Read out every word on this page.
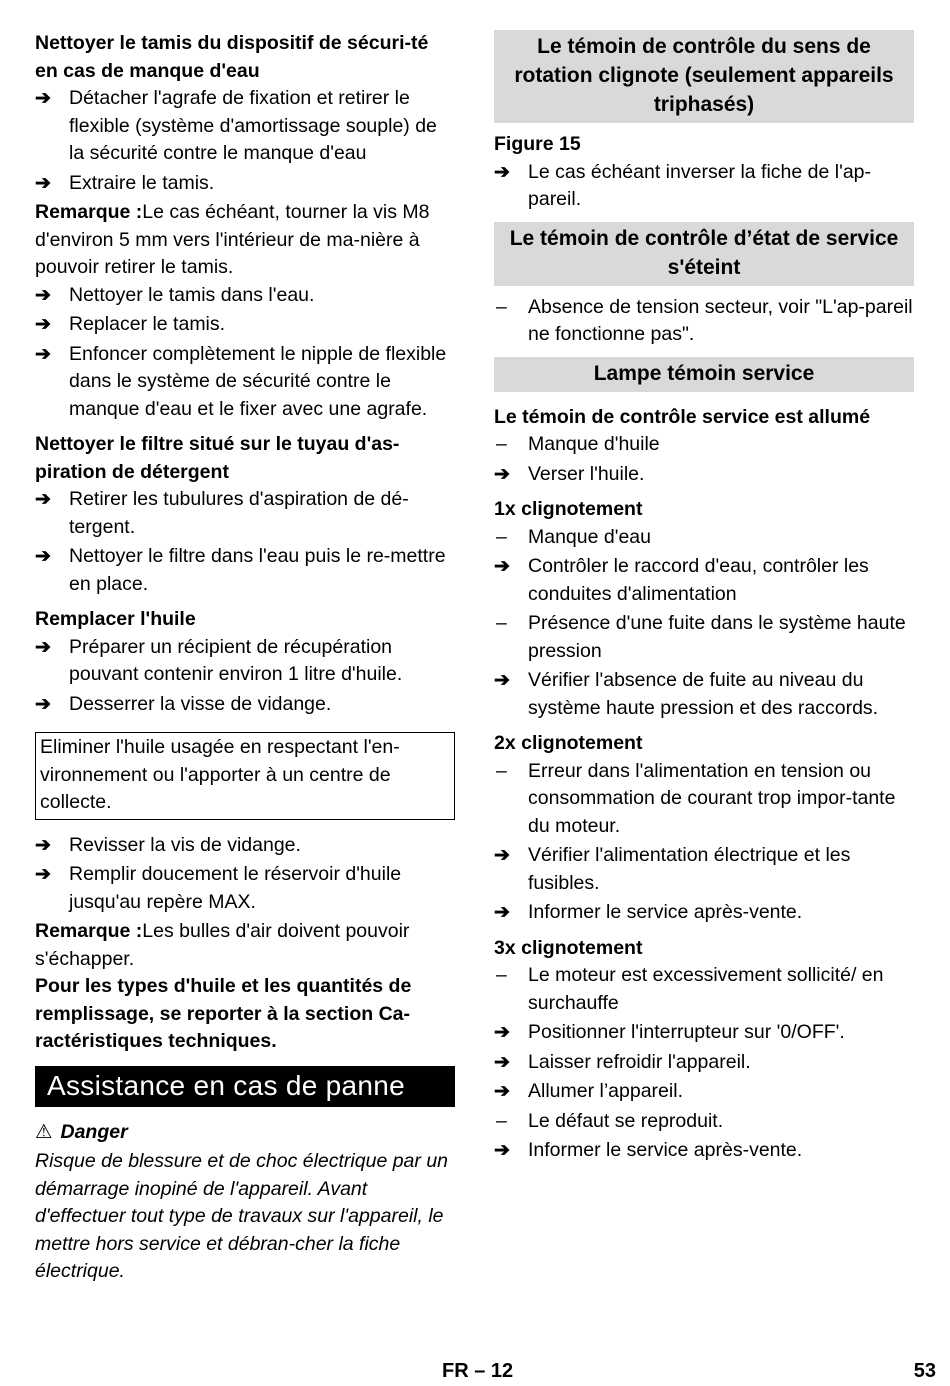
Nettoyer le tamis du dispositif de sécuri-té en cas de manque d'eau

➔ Détacher l'agrafe de fixation et retirer le flexible (système d'amortissage souple) de la sécurité contre le manque d'eau
➔ Extraire le tamis.

Remarque :Le cas échéant, tourner la vis M8 d'environ 5 mm vers l'intérieur de ma-nière à pouvoir retirer le tamis.

➔ Nettoyer le tamis dans l'eau.
➔ Replacer le tamis.
➔ Enfoncer complètement le nipple de flexible dans le système de sécurité contre le manque d'eau et le fixer avec une agrafe.

Nettoyer le filtre situé sur le tuyau d'as-piration de détergent

➔ Retirer les tubulures d'aspiration de dé-tergent.
➔ Nettoyer le filtre dans l'eau puis le re-mettre en place.

Remplacer l'huile

➔ Préparer un récipient de récupération pouvant contenir environ 1 litre d'huile.
➔ Desserrer la visse de vidange.
Eliminer l'huile usagée en respectant l'en-vironnement ou l'apporter à un centre de collecte.
➔ Revisser la vis de vidange.
➔ Remplir doucement le réservoir d'huile jusqu'au repère MAX.

Remarque :Les bulles d'air doivent pouvoir s'échapper.

Pour les types d'huile et les quantités de remplissage, se reporter à la section Ca-ractéristiques techniques.

Assistance en cas de panne

⚠ Danger

Risque de blessure et de choc électrique par un démarrage inopiné de l'appareil. Avant d'effectuer tout type de travaux sur l'appareil, le mettre hors service et débran-cher la fiche électrique.

Le témoin de contrôle du sens de rotation clignote (seulement appareils triphasés)

Figure 15

➔ Le cas échéant inverser la fiche de l'ap-pareil.
Le témoin de contrôle d’état de service s'éteint
–	Absence de tension secteur, voir "L'ap-pareil ne fonctionne pas".
Lampe témoin service

Le témoin de contrôle service est allumé

–	Manque d'huile
➔ Verser l'huile.

1x clignotement

–	Manque d'eau
➔ Contrôler le raccord d'eau, contrôler les conduites d'alimentation
–	Présence d'une fuite dans le système haute pression
➔ Vérifier l'absence de fuite au niveau du système haute pression et des raccords.

2x clignotement

–	Erreur dans l'alimentation en tension ou consommation de courant trop impor-tante du moteur.
➔ Vérifier l'alimentation électrique et les fusibles.
➔ Informer le service après-vente.

3x clignotement

–	Le moteur est excessivement sollicité/ en surchauffe
➔ Positionner l'interrupteur sur '0/OFF'.
➔ Laisser refroidir l'appareil.
➔ Allumer l’appareil.
–	Le défaut se reproduit.
➔ Informer le service après-vente.
FR – 12	53
